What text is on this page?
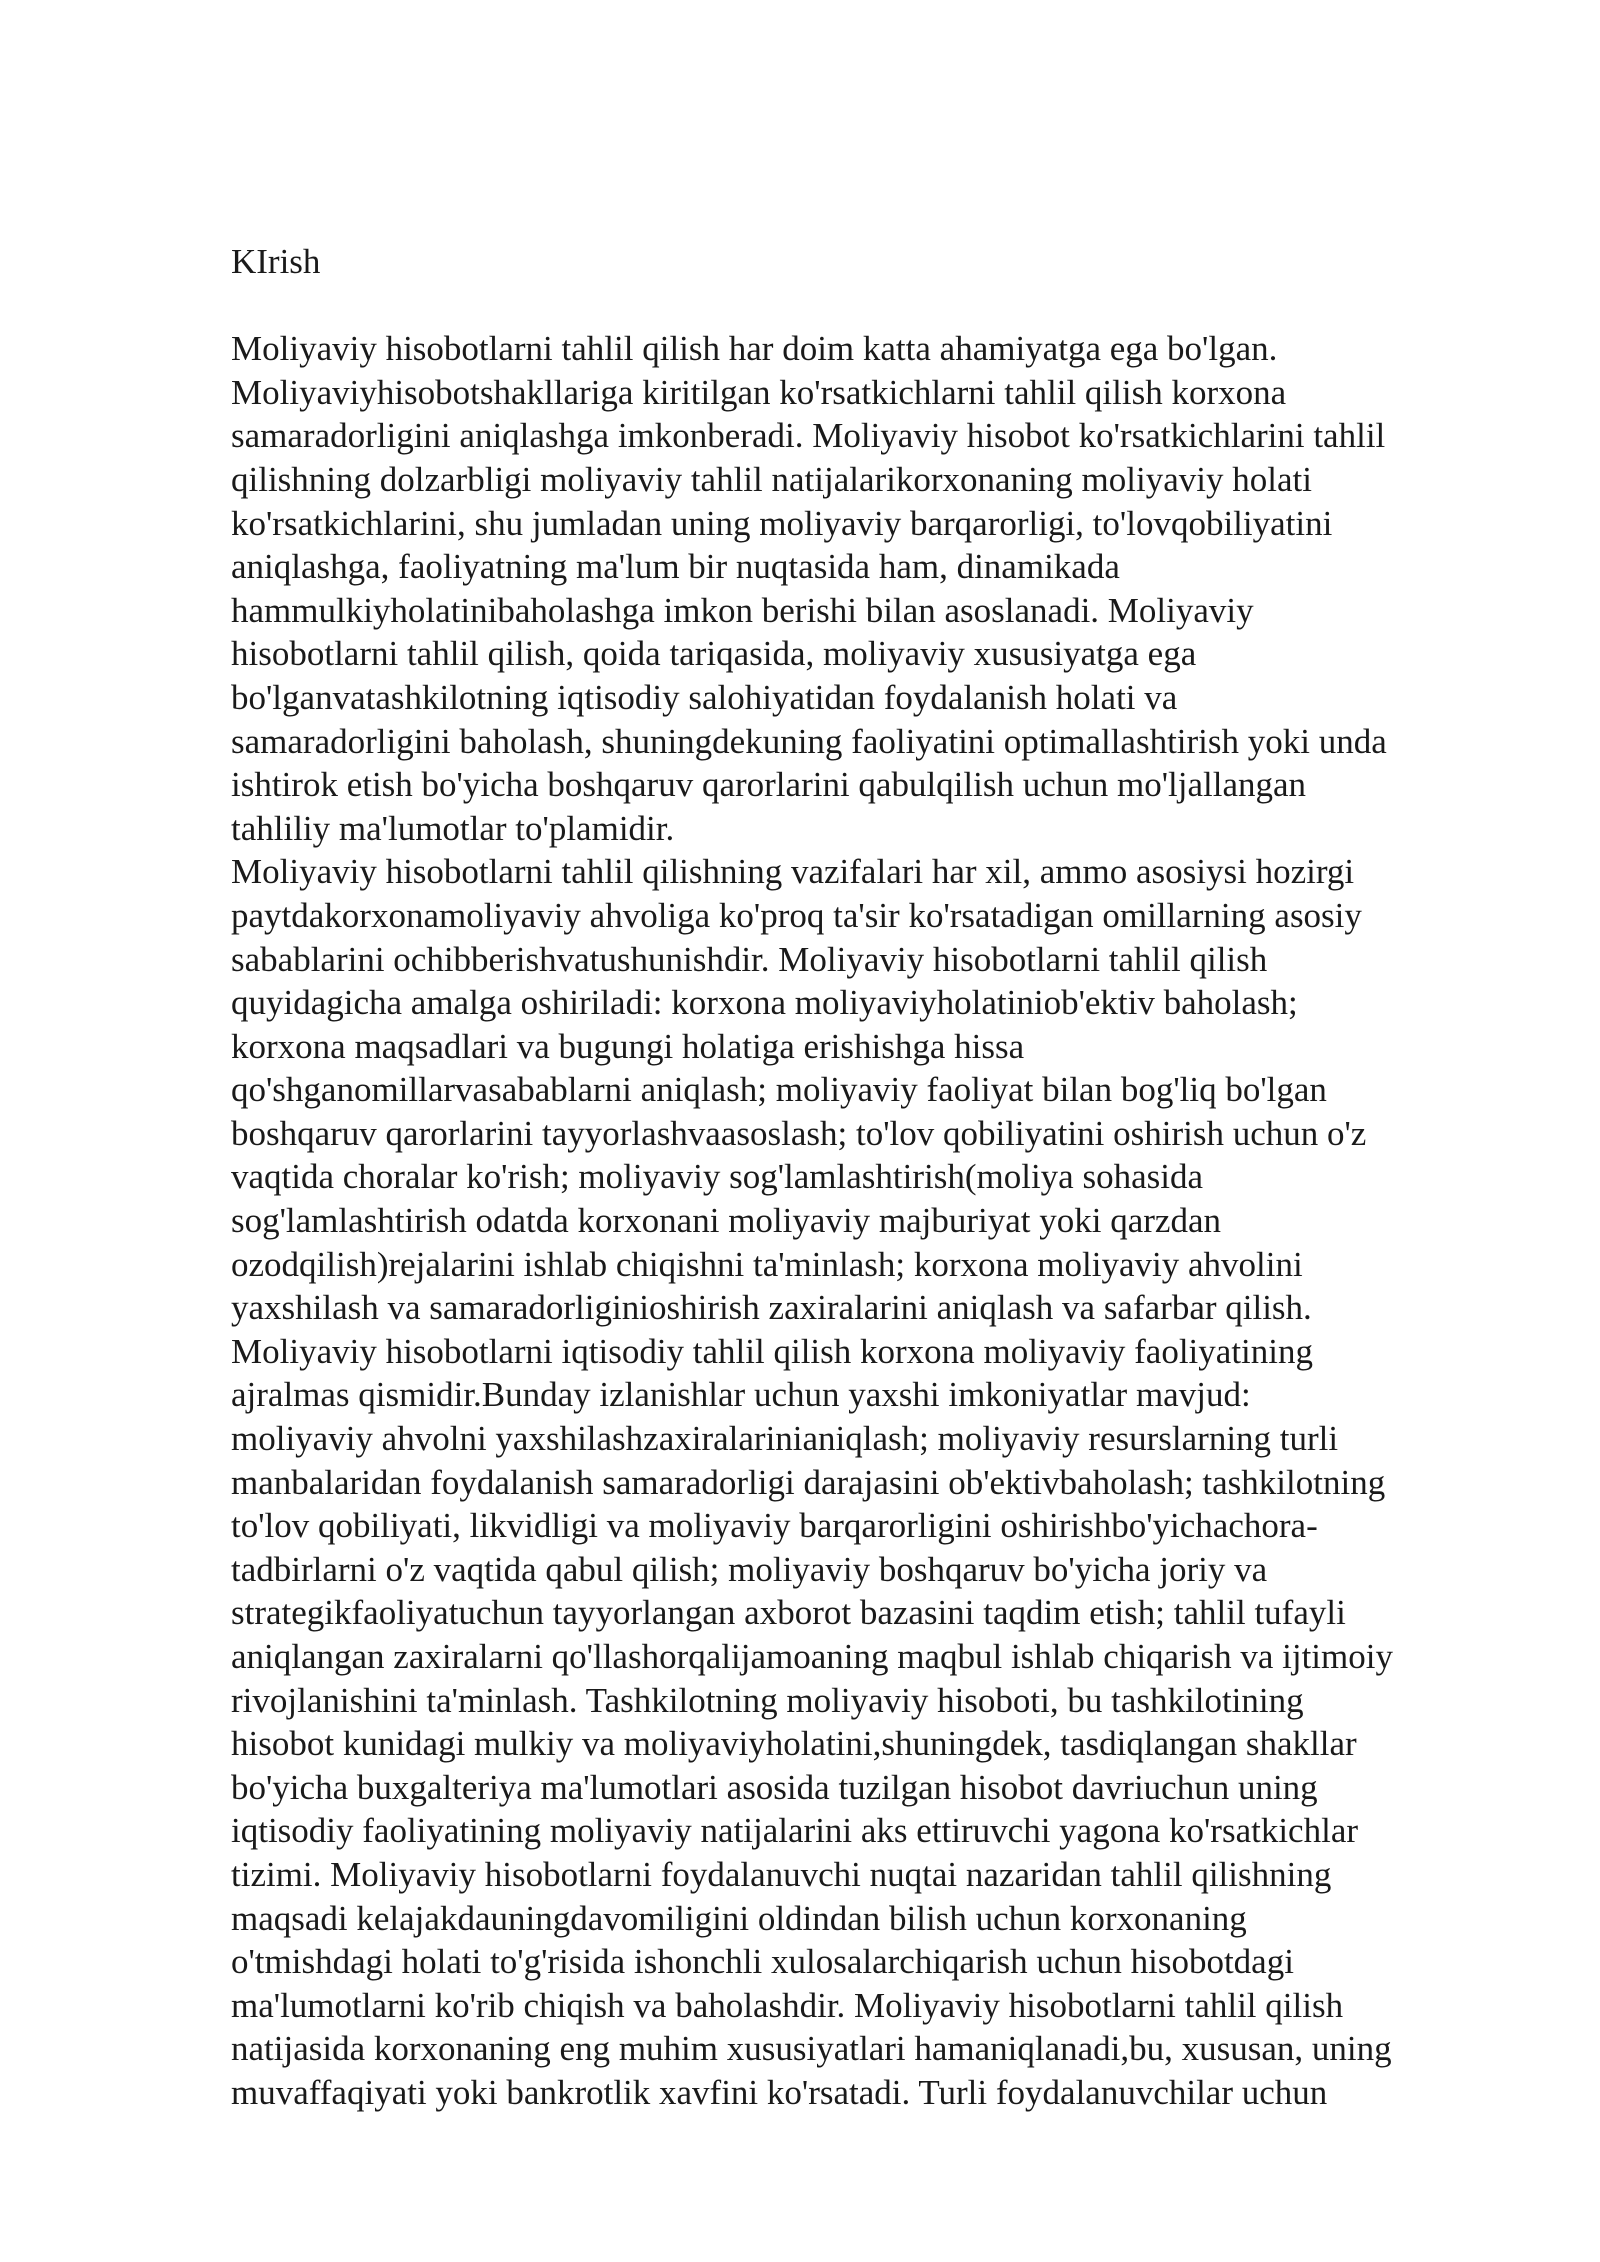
KIrish
Moliyaviy hisobotlarni tahlil qilish har doim katta ahamiyatga ega bo'lgan.
Moliyaviyhisobotshakllariga kiritilgan ko'rsatkichlarni tahlil qilish korxona
samaradorligini aniqlashga imkonberadi. Moliyaviy hisobot ko'rsatkichlarini tahlil
qilishning dolzarbligi moliyaviy tahlil natijalarikorxonaning moliyaviy holati
ko'rsatkichlarini, shu jumladan uning moliyaviy barqarorligi, to'lovqobiliyatini
aniqlashga, faoliyatning ma'lum bir nuqtasida ham, dinamikada
hammulkiyholatinibaholashga imkon berishi bilan asoslanadi. Moliyaviy
hisobotlarni tahlil qilish, qoida tariqasida, moliyaviy xususiyatga ega
bo'lganvatashkilotning iqtisodiy salohiyatidan foydalanish holati va
samaradorligini baholash, shuningdekuning faoliyatini optimallashtirish yoki unda
ishtirok etish bo'yicha boshqaruv qarorlarini qabulqilish uchun mo'ljallangan
tahliliy ma'lumotlar to'plamidir.
Moliyaviy hisobotlarni tahlil qilishning vazifalari har xil, ammo asosiysi hozirgi
paytdakorxonamoliyaviy ahvoliga ko'proq ta'sir ko'rsatadigan omillarning asosiy
sabablarini ochibberishvatushunishdir. Moliyaviy hisobotlarni tahlil qilish
quyidagicha amalga oshiriladi: korxona moliyaviyholatiniob'ektiv baholash;
korxona maqsadlari va bugungi holatiga erishishga hissa
qo'shganomillarvasabablarni aniqlash; moliyaviy faoliyat bilan bog'liq bo'lgan
boshqaruv qarorlarini tayyorlashvaasoslash; to'lov qobiliyatini oshirish uchun o'z
vaqtida choralar ko'rish; moliyaviy sog'lamlashtirish(moliya sohasida
sog'lamlashtirish odatda korxonani moliyaviy majburiyat yoki qarzdan
ozodqilish)rejalarini ishlab chiqishni ta'minlash; korxona moliyaviy ahvolini
yaxshilash va samaradorliginioshirish zaxiralarini aniqlash va safarbar qilish.
Moliyaviy hisobotlarni iqtisodiy tahlil qilish korxona moliyaviy faoliyatining
ajralmas qismidir.Bunday izlanishlar uchun yaxshi imkoniyatlar mavjud:
moliyaviy ahvolni yaxshilashzaxiralarinianiqlash; moliyaviy resurslarning turli
manbalaridan foydalanish samaradorligi darajasini ob'ektivbaholash; tashkilotning
to'lov qobiliyati, likvidligi va moliyaviy barqarorligini oshirishbo'yichachora-
tadbirlarni o'z vaqtida qabul qilish; moliyaviy boshqaruv bo'yicha joriy va
strategikfaoliyatuchun tayyorlangan axborot bazasini taqdim etish; tahlil tufayli
aniqlangan zaxiralarni qo'llashorqalijamoaning maqbul ishlab chiqarish va ijtimoiy
rivojlanishini ta'minlash. Tashkilotning moliyaviy hisoboti, bu tashkilotining
hisobot kunidagi mulkiy va moliyaviyholatini,shuningdek, tasdiqlangan shakllar
bo'yicha buxgalteriya ma'lumotlari asosida tuzilgan hisobot davriuchun uning
iqtisodiy faoliyatining moliyaviy natijalarini aks ettiruvchi yagona ko'rsatkichlar
tizimi. Moliyaviy hisobotlarni foydalanuvchi nuqtai nazaridan tahlil qilishning
maqsadi kelajakdauningdavomiligini oldindan bilish uchun korxonaning
o'tmishdagi holati to'g'risida ishonchli xulosalarchiqarish uchun hisobotdagi
ma'lumotlarni ko'rib chiqish va baholashdir. Moliyaviy hisobotlarni tahlil qilish
natijasida korxonaning eng muhim xususiyatlari hamaniqlanadi,bu, xususan, uning
muvaffaqiyati yoki bankrotlik xavfini ko'rsatadi. Turli foydalanuvchilar uchun
